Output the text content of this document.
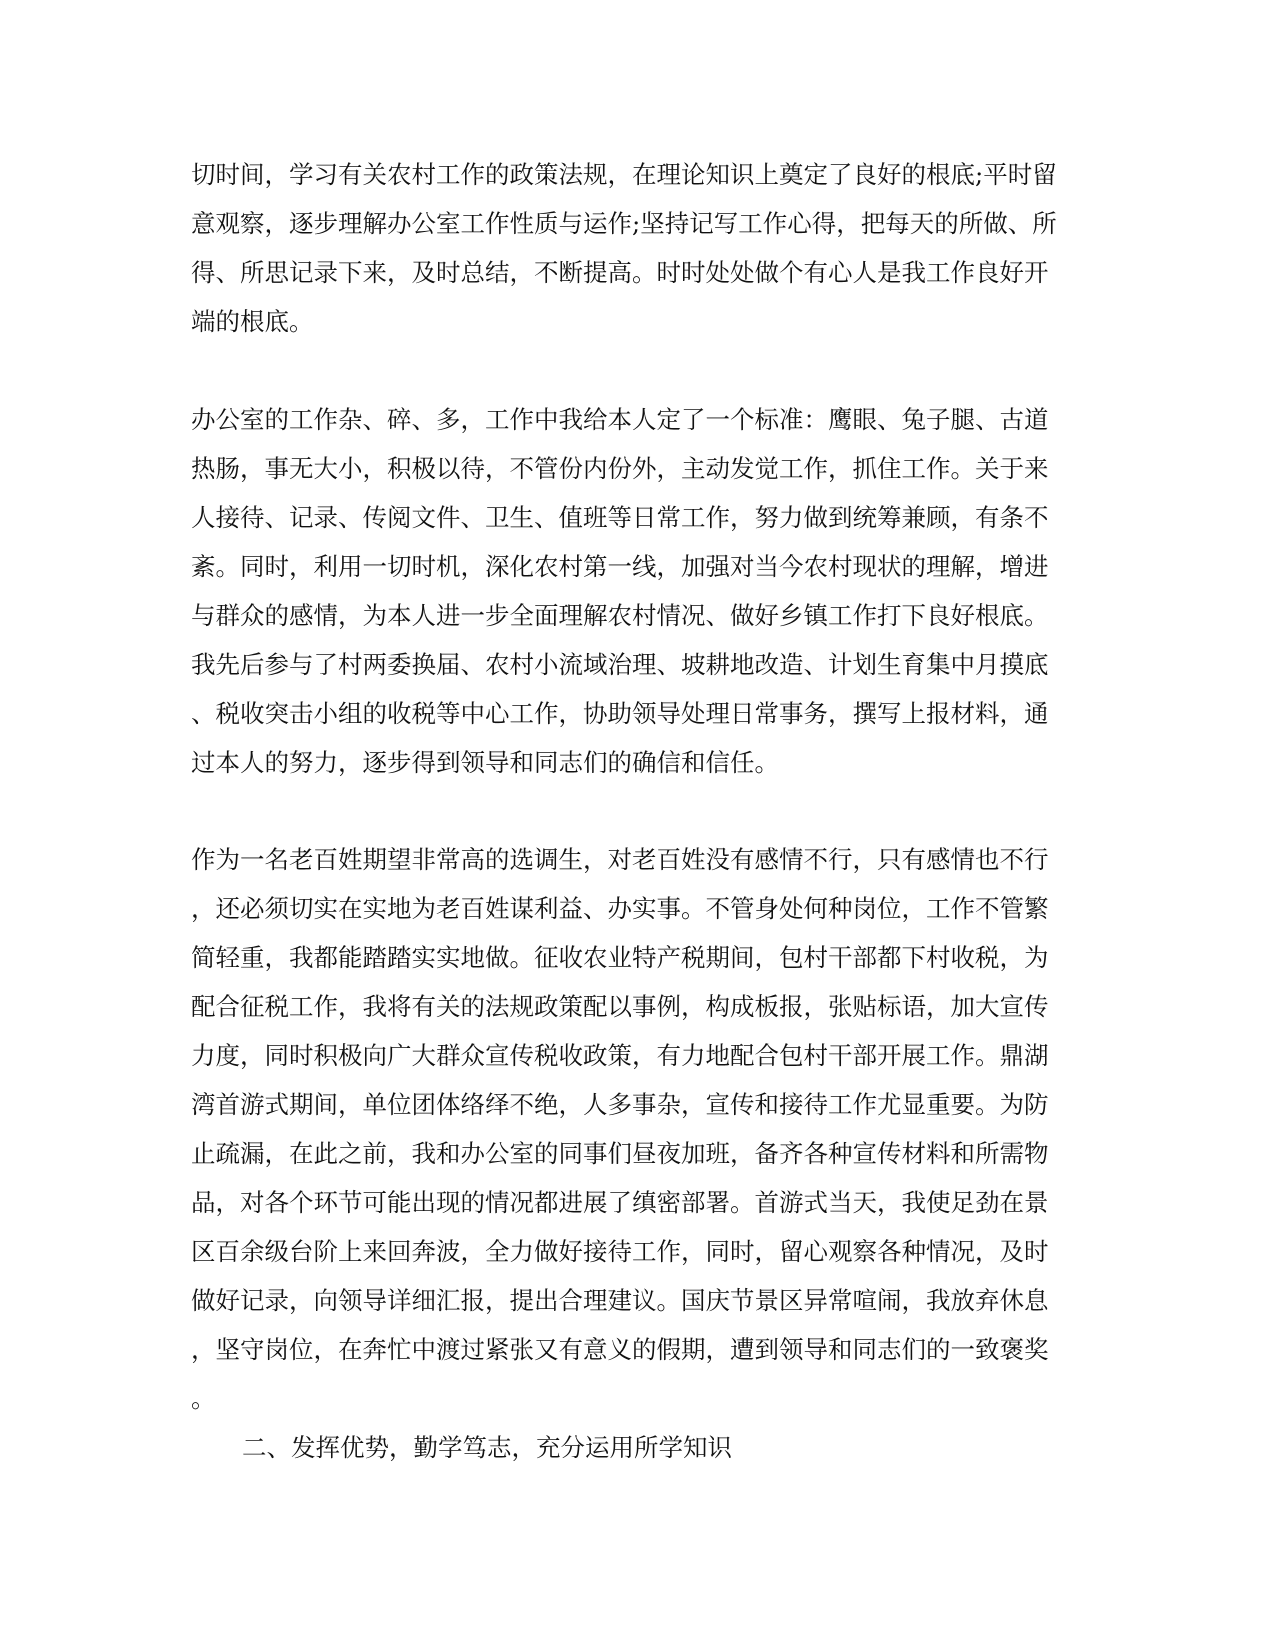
切时间，学习有关农村工作的政策法规，在理论知识上奠定了良好的根底;平时留
意观察，逐步理解办公室工作性质与运作;坚持记写工作心得，把每天的所做、所
得、所思记录下来，及时总结，不断提高。时时处处做个有心人是我工作良好开
端的根底。
办公室的工作杂、碎、多，工作中我给本人定了一个标准：鹰眼、兔子腿、古道
热肠，事无大小，积极以待，不管份内份外，主动发觉工作，抓住工作。关于来
人接待、记录、传阅文件、卫生、值班等日常工作，努力做到统筹兼顾，有条不
紊。同时，利用一切时机，深化农村第一线，加强对当今农村现状的理解，增进
与群众的感情，为本人进一步全面理解农村情况、做好乡镇工作打下良好根底。
我先后参与了村两委换届、农村小流域治理、坡耕地改造、计划生育集中月摸底
、税收突击小组的收税等中心工作，协助领导处理日常事务，撰写上报材料，通
过本人的努力，逐步得到领导和同志们的确信和信任。
作为一名老百姓期望非常高的选调生，对老百姓没有感情不行，只有感情也不行
，还必须切实在实地为老百姓谋利益、办实事。不管身处何种岗位，工作不管繁
简轻重，我都能踏踏实实地做。征收农业特产税期间，包村干部都下村收税，为
配合征税工作，我将有关的法规政策配以事例，构成板报，张贴标语，加大宣传
力度，同时积极向广大群众宣传税收政策，有力地配合包村干部开展工作。鼎湖
湾首游式期间，单位团体络绎不绝，人多事杂，宣传和接待工作尤显重要。为防
止疏漏，在此之前，我和办公室的同事们昼夜加班，备齐各种宣传材料和所需物
品，对各个环节可能出现的情况都进展了缜密部署。首游式当天，我使足劲在景
区百余级台阶上来回奔波，全力做好接待工作，同时，留心观察各种情况，及时
做好记录，向领导详细汇报，提出合理建议。国庆节景区异常喧闹，我放弃休息
，坚守岗位，在奔忙中渡过紧张又有意义的假期，遭到领导和同志们的一致褒奖
。
二、发挥优势，勤学笃志，充分运用所学知识
